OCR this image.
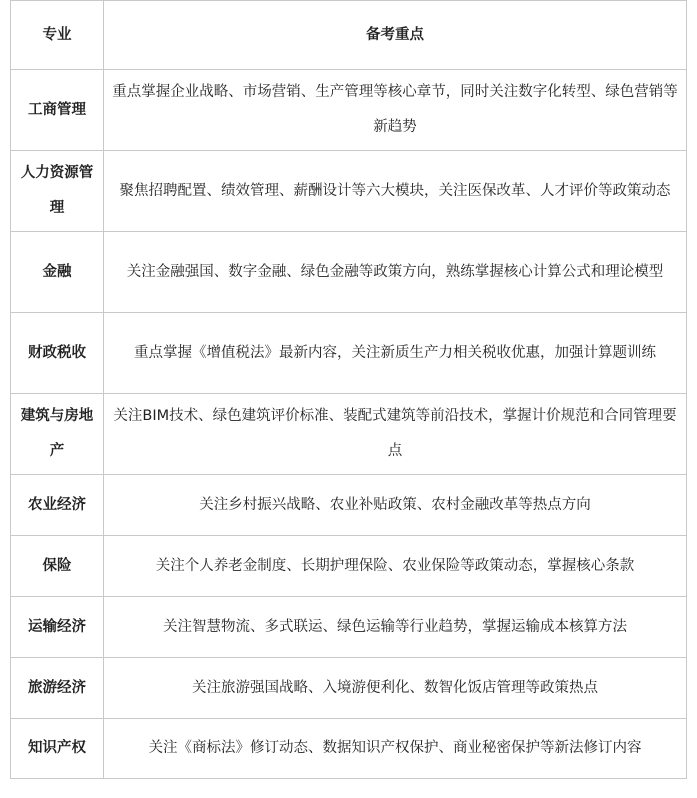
专业	备考重点
工商管理	重点掌握企业战略、市场营销、生产管理等核心章节，同时关注数字化转型、绿色营销等新趋势
人力资源管理	聚焦招聘配置、绩效管理、薪酬设计等六大模块，关注医保改革、人才评价等政策动态
金融	关注金融强国、数字金融、绿色金融等政策方向，熟练掌握核心计算公式和理论模型
财政税收	重点掌握《增值税法》最新内容，关注新质生产力相关税收优惠，加强计算题训练
建筑与房地产	关注BIM技术、绿色建筑评价标准、装配式建筑等前沿技术，掌握计价规范和合同管理要点
农业经济	关注乡村振兴战略、农业补贴政策、农村金融改革等热点方向
保险	关注个人养老金制度、长期护理保险、农业保险等政策动态，掌握核心条款
运输经济	关注智慧物流、多式联运、绿色运输等行业趋势，掌握运输成本核算方法
旅游经济	关注旅游强国战略、入境游便利化、数智化饭店管理等政策热点
知识产权	关注《商标法》修订动态、数据知识产权保护、商业秘密保护等新法修订内容
